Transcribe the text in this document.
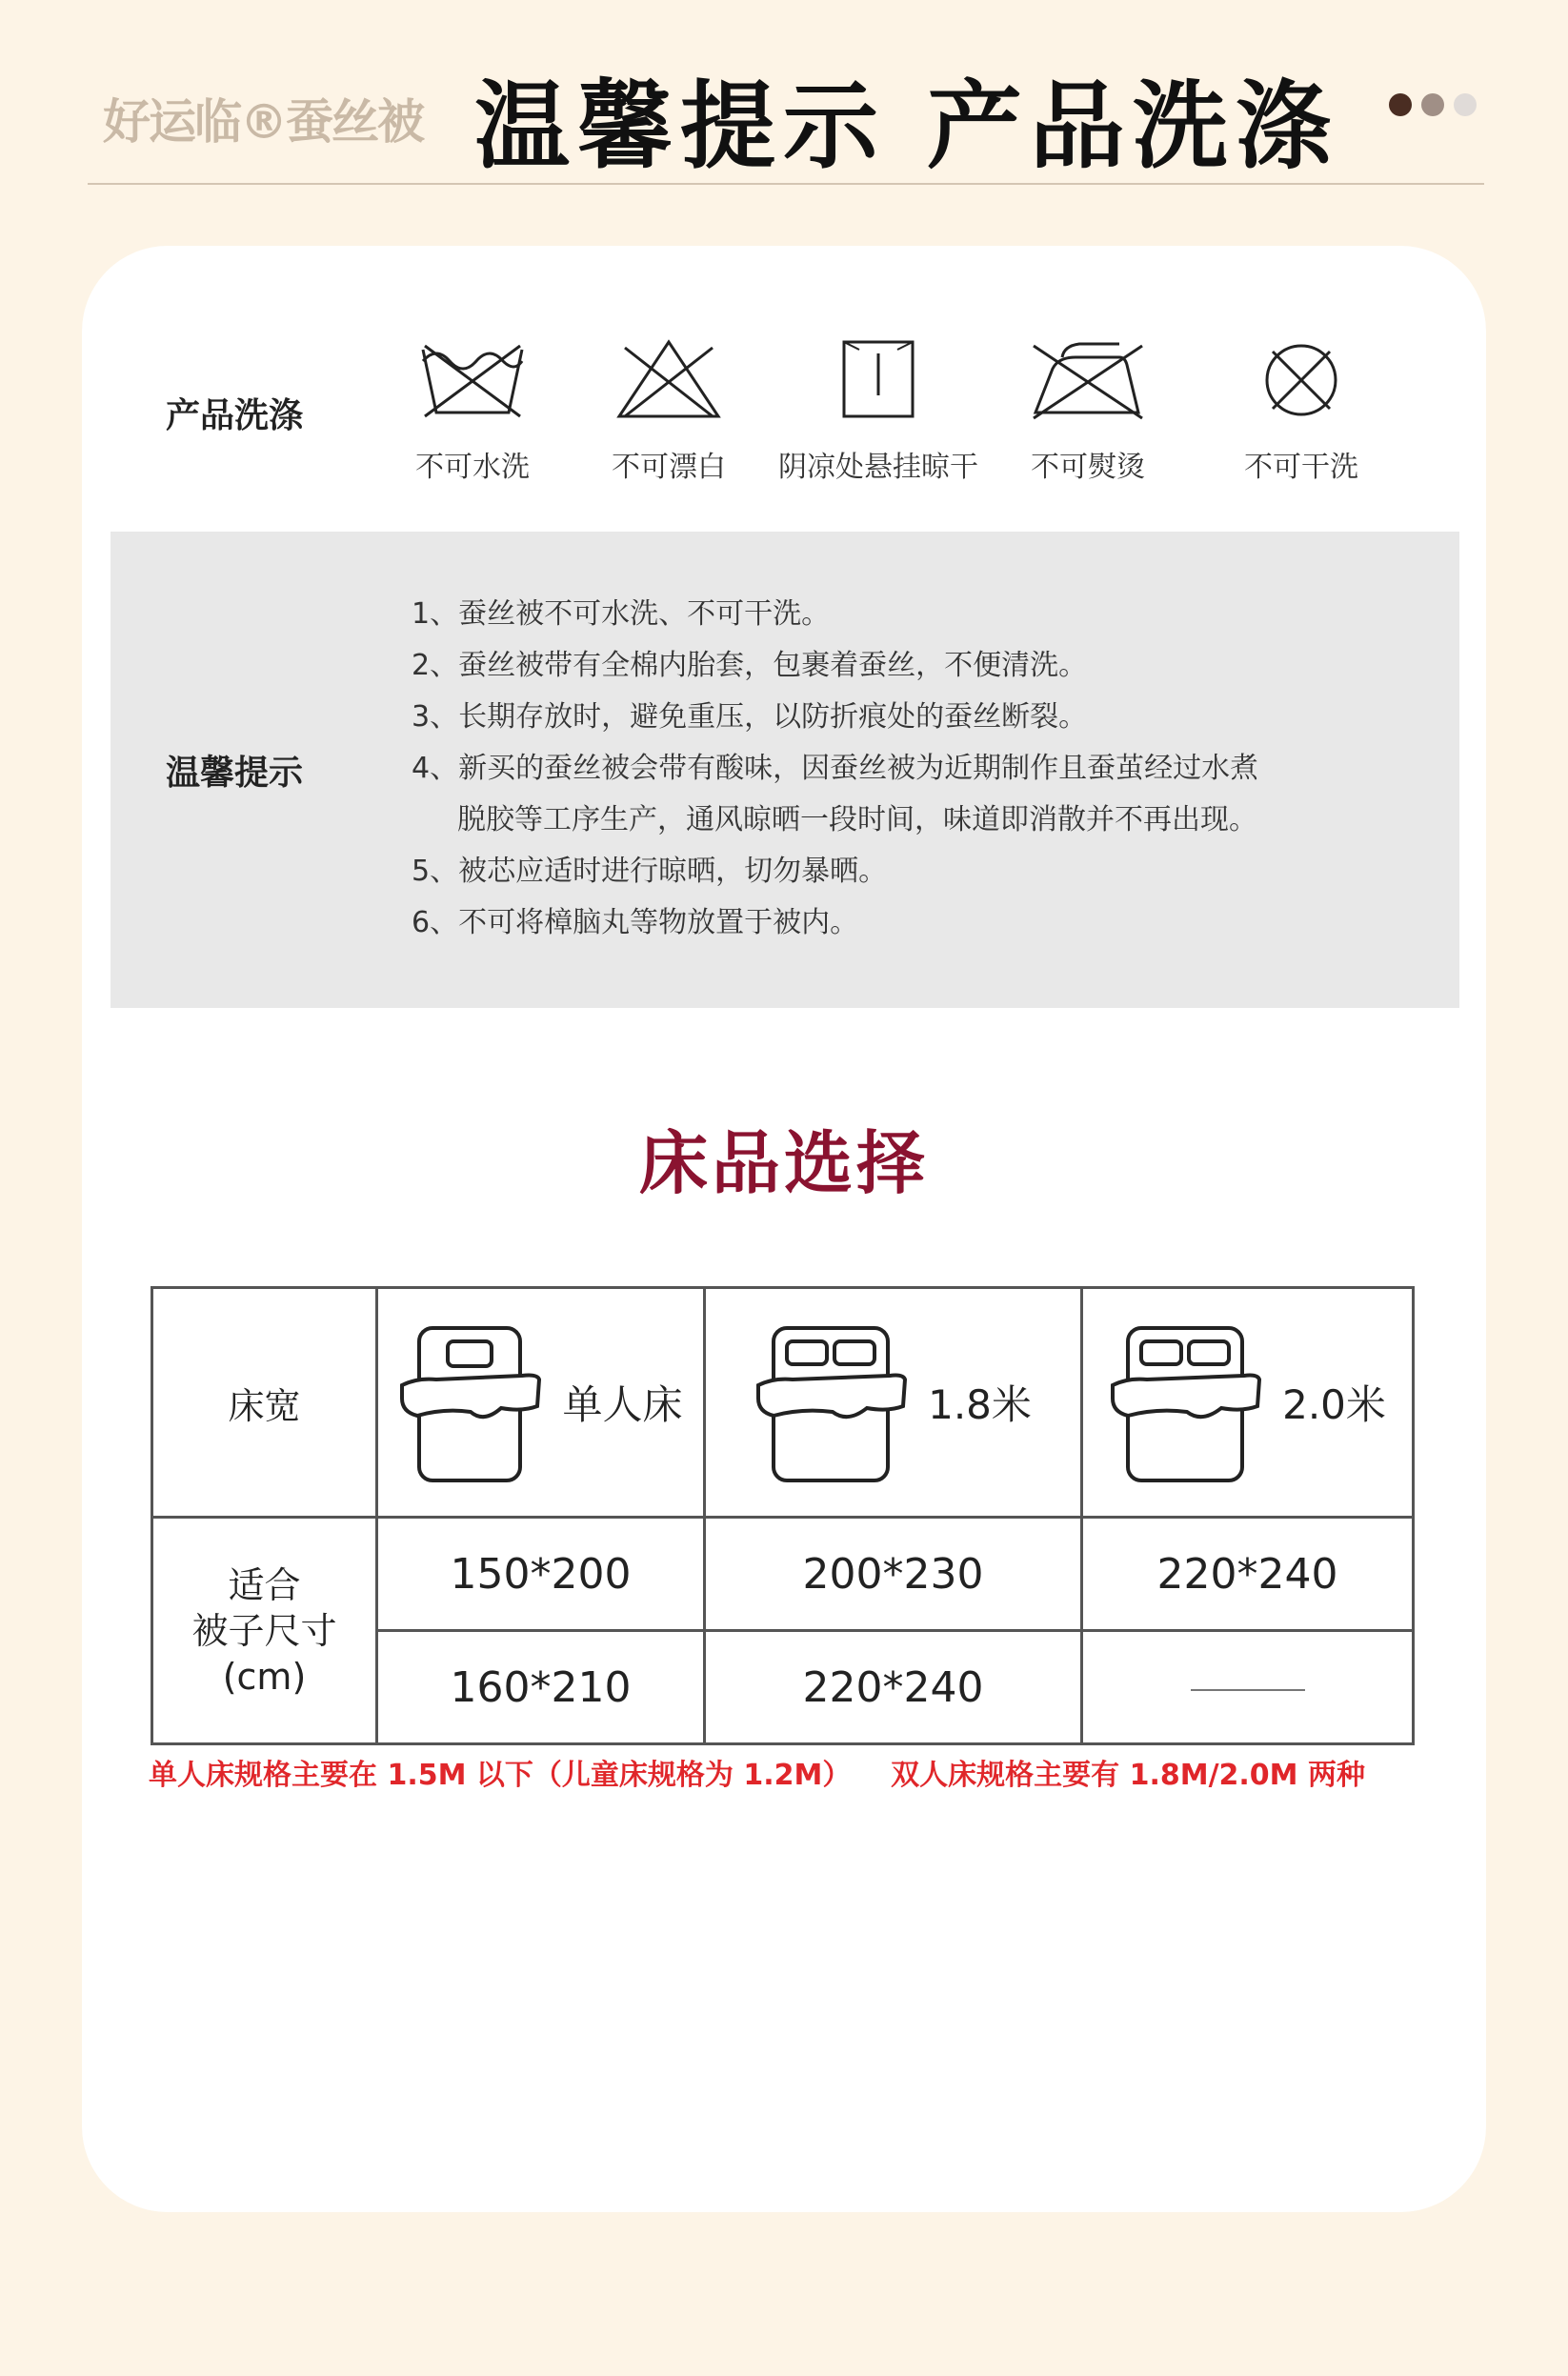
好运临®蚕丝被 温馨提示 产品洗涤
产品洗涤
不可水洗	不可漂白	阴凉处悬挂晾干	不可熨烫	不可干洗
温馨提示
1、蚕丝被不可水洗、不可干洗。
2、蚕丝被带有全棉内胎套，包裹着蚕丝，不便清洗。
3、长期存放时，避免重压，以防折痕处的蚕丝断裂。
4、新买的蚕丝被会带有酸味，因蚕丝被为近期制作且蚕茧经过水煮
脱胶等工序生产，通风晾晒一段时间，味道即消散并不再出现。
5、被芯应适时进行晾晒，切勿暴晒。
6、不可将樟脑丸等物放置于被内。
床品选择
床宽	单人床	1.8米	2.0米

适合
被子尺寸
(cm)	150*200	200*230	220*240
	160*210	220*240	
单人床规格主要在 1.5M 以下（儿童床规格为 1.2M） 双人床规格主要有 1.8M/2.0M 两种
